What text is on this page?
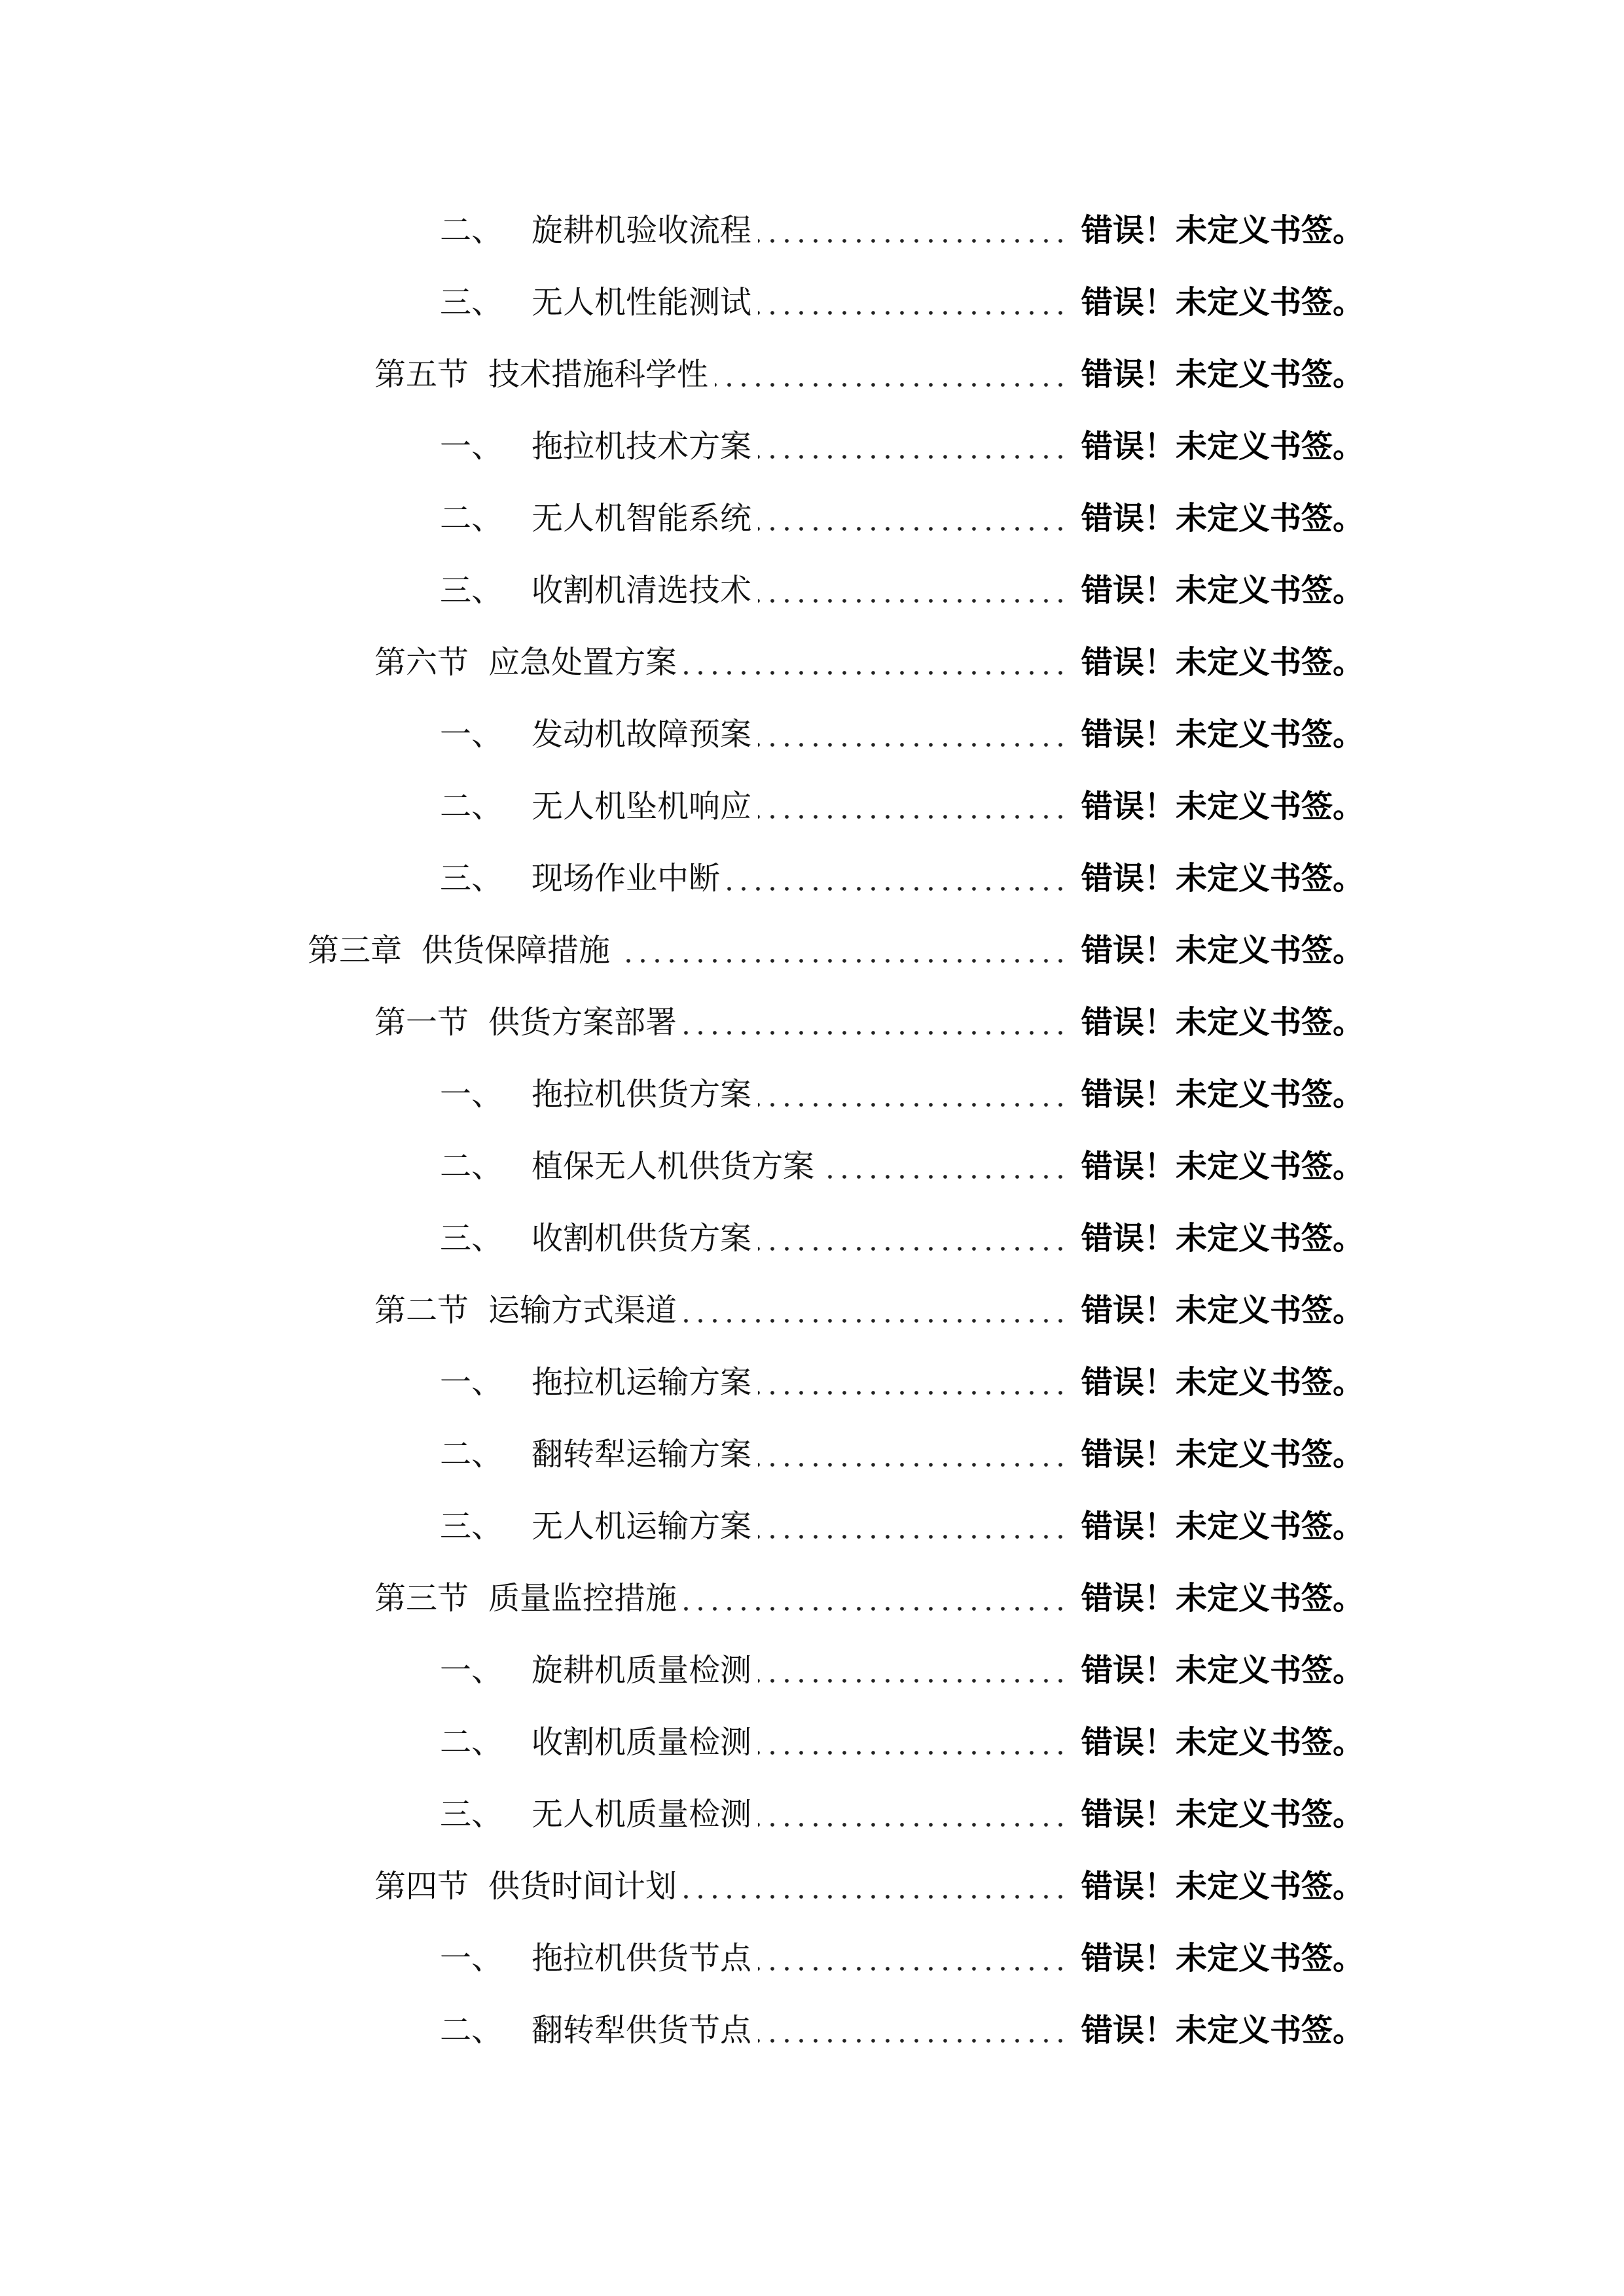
二、 旋耕机验收流程	错误！未定义书签。
三、 无人机性能测试	错误！未定义书签。
第五节 技术措施科学性	错误！未定义书签。
一、 拖拉机技术方案	错误！未定义书签。
二、 无人机智能系统	错误！未定义书签。
三、 收割机清选技术	错误！未定义书签。
第六节 应急处置方案	错误！未定义书签。
一、 发动机故障预案	错误！未定义书签。
二、 无人机坠机响应	错误！未定义书签。
三、 现场作业中断	错误！未定义书签。
第三章 供货保障措施	错误！未定义书签。
第一节 供货方案部署	错误！未定义书签。
一、 拖拉机供货方案	错误！未定义书签。
二、 植保无人机供货方案	错误！未定义书签。
三、 收割机供货方案	错误！未定义书签。
第二节 运输方式渠道	错误！未定义书签。
一、 拖拉机运输方案	错误！未定义书签。
二、 翻转犁运输方案	错误！未定义书签。
三、 无人机运输方案	错误！未定义书签。
第三节 质量监控措施	错误！未定义书签。
一、 旋耕机质量检测	错误！未定义书签。
二、 收割机质量检测	错误！未定义书签。
三、 无人机质量检测	错误！未定义书签。
第四节 供货时间计划	错误！未定义书签。
一、 拖拉机供货节点	错误！未定义书签。
二、 翻转犁供货节点	错误！未定义书签。
